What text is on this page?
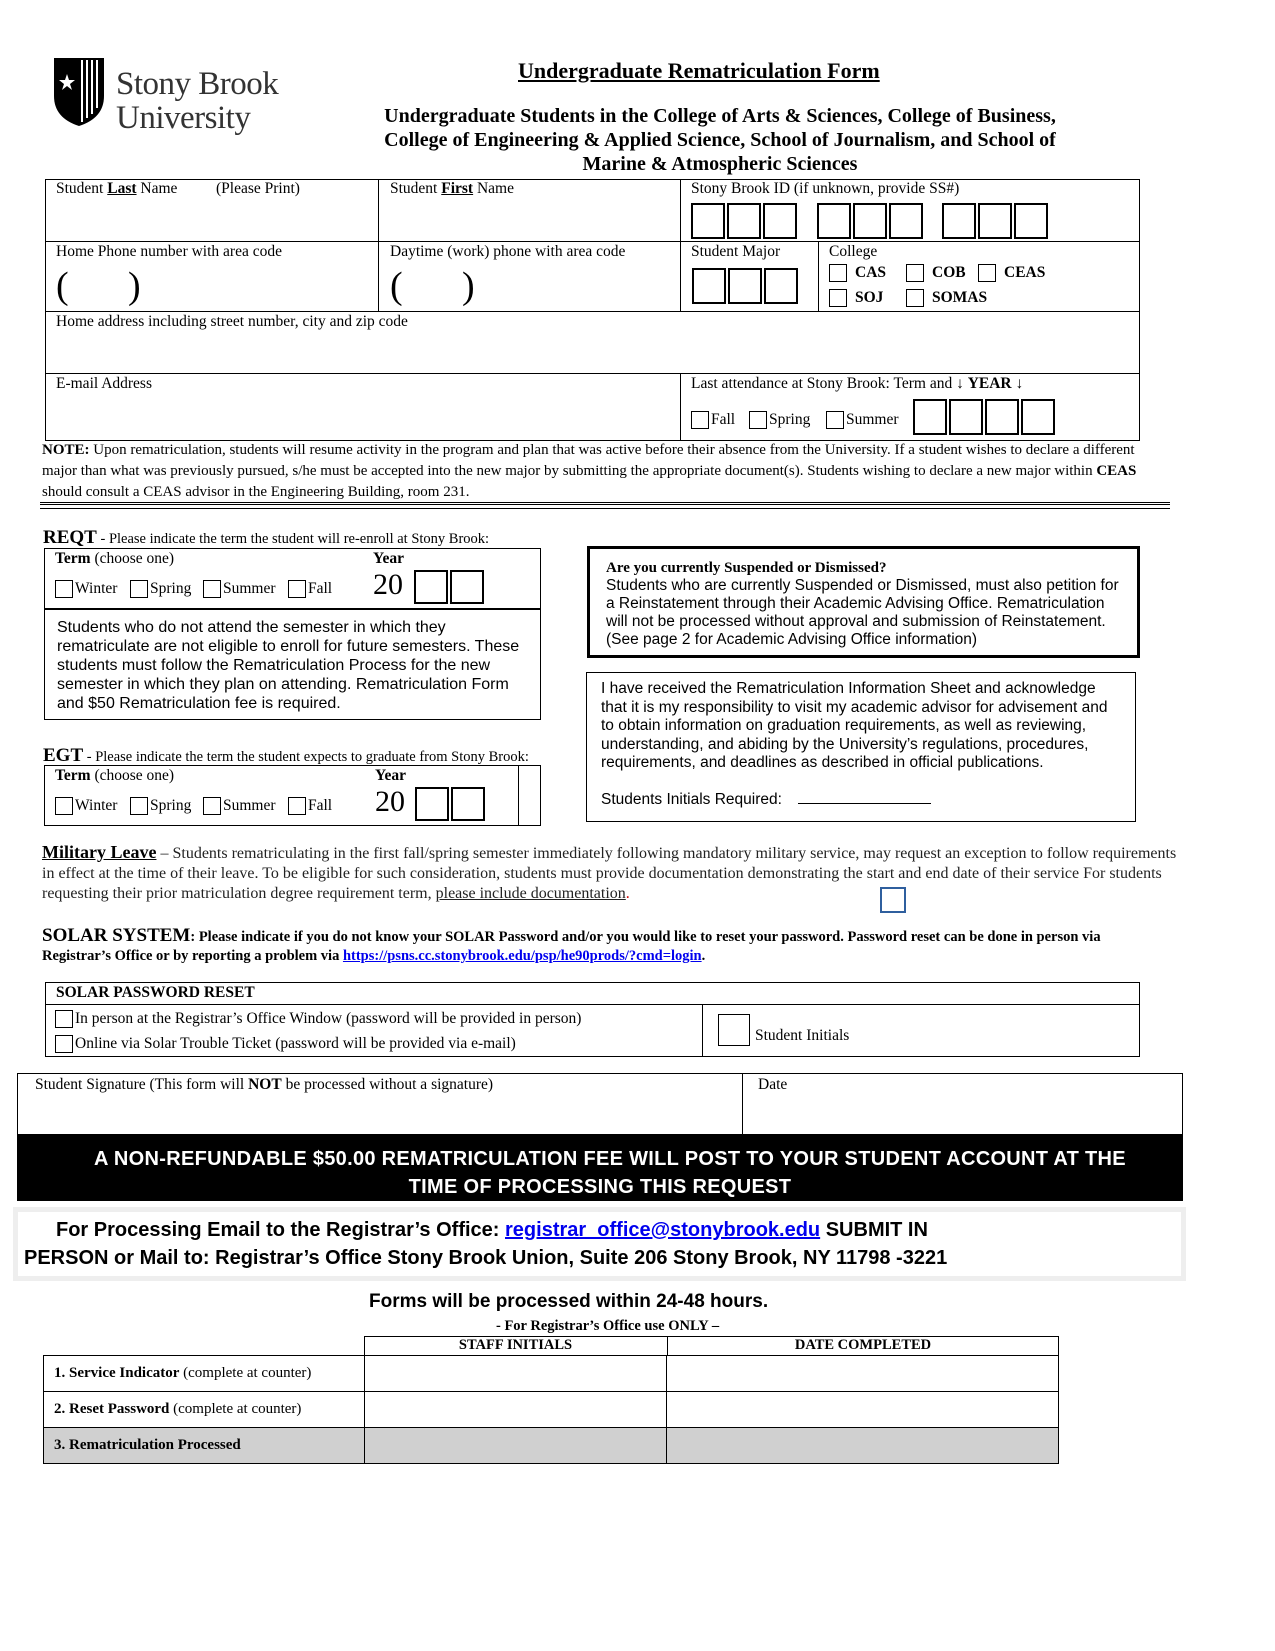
Stony Brook
University
Undergraduate Rematriculation Form
Undergraduate Students in the College of Arts & Sciences, College of Business,
College of Engineering & Applied Science, School of Journalism, and School of
Marine & Atmospheric Sciences
Student Last Name (Please Print)	Student First Name	Stony Brook ID (if unknown, provide SS#)
Home Phone number with area code
( )
Daytime (work) phone with area code
( )
Student Major	College
CAS	COB	CEAS
SOJ	SOMAS
Home address including street number, city and zip code
E-mail Address	Last attendance at Stony Brook: Term and ↓ YEAR ↓
Fall	Spring	Summer
NOTE: Upon rematriculation, students will resume activity in the program and plan that was active before their absence from the University. If a student wishes to declare a different major than what was previously pursued, s/he must be accepted into the new major by submitting the appropriate document(s). Students wishing to declare a new major within CEAS should consult a CEAS advisor in the Engineering Building, room 231.
REQT - Please indicate the term the student will re-enroll at Stony Brook:
Term (choose one)	Year
Winter	Spring	Summer	Fall 20
Students who do not attend the semester in which they rematriculate are not eligible to enroll for future semesters. These students must follow the Rematriculation Process for the new semester in which they plan on attending. Rematriculation Form and $50 Rematriculation fee is required.
EGT - Please indicate the term the student expects to graduate from Stony Brook:
Term (choose one)	Year
Winter	Spring	Summer	Fall 20
Are you currently Suspended or Dismissed?
Students who are currently Suspended or Dismissed, must also petition for a Reinstatement through their Academic Advising Office. Rematriculation will not be processed without approval and submission of Reinstatement. (See page 2 for Academic Advising Office information)
I have received the Rematriculation Information Sheet and acknowledge that it is my responsibility to visit my academic advisor for advisement and to obtain information on graduation requirements, as well as reviewing, understanding, and abiding by the University’s regulations, procedures, requirements, and deadlines as described in official publications.
Students Initials Required:
Military Leave – Students rematriculating in the first fall/spring semester immediately following mandatory military service, may request an exception to follow requirements in effect at the time of their leave. To be eligible for such consideration, students must provide documentation demonstrating the start and end date of their service For students requesting their prior matriculation degree requirement term, please include documentation.
SOLAR SYSTEM: Please indicate if you do not know your SOLAR Password and/or you would like to reset your password. Password reset can be done in person via Registrar’s Office or by reporting a problem via https://psns.cc.stonybrook.edu/psp/he90prods/?cmd=login.
SOLAR PASSWORD RESET
In person at the Registrar’s Office Window (password will be provided in person)
Online via Solar Trouble Ticket (password will be provided via e-mail)	Student Initials
Student Signature (This form will NOT be processed without a signature)	Date
A NON-REFUNDABLE $50.00 REMATRICULATION FEE WILL POST TO YOUR STUDENT ACCOUNT AT THE
TIME OF PROCESSING THIS REQUEST
For Processing Email to the Registrar’s Office: registrar_office@stonybrook.edu SUBMIT IN
PERSON or Mail to: Registrar’s Office Stony Brook Union, Suite 206 Stony Brook, NY 11798 -3221
Forms will be processed within 24-48 hours.
- For Registrar’s Office use ONLY –
STAFF INITIALS	DATE COMPLETED
1. Service Indicator (complete at counter)		
2. Reset Password (complete at counter)		
3. Rematriculation Processed		
